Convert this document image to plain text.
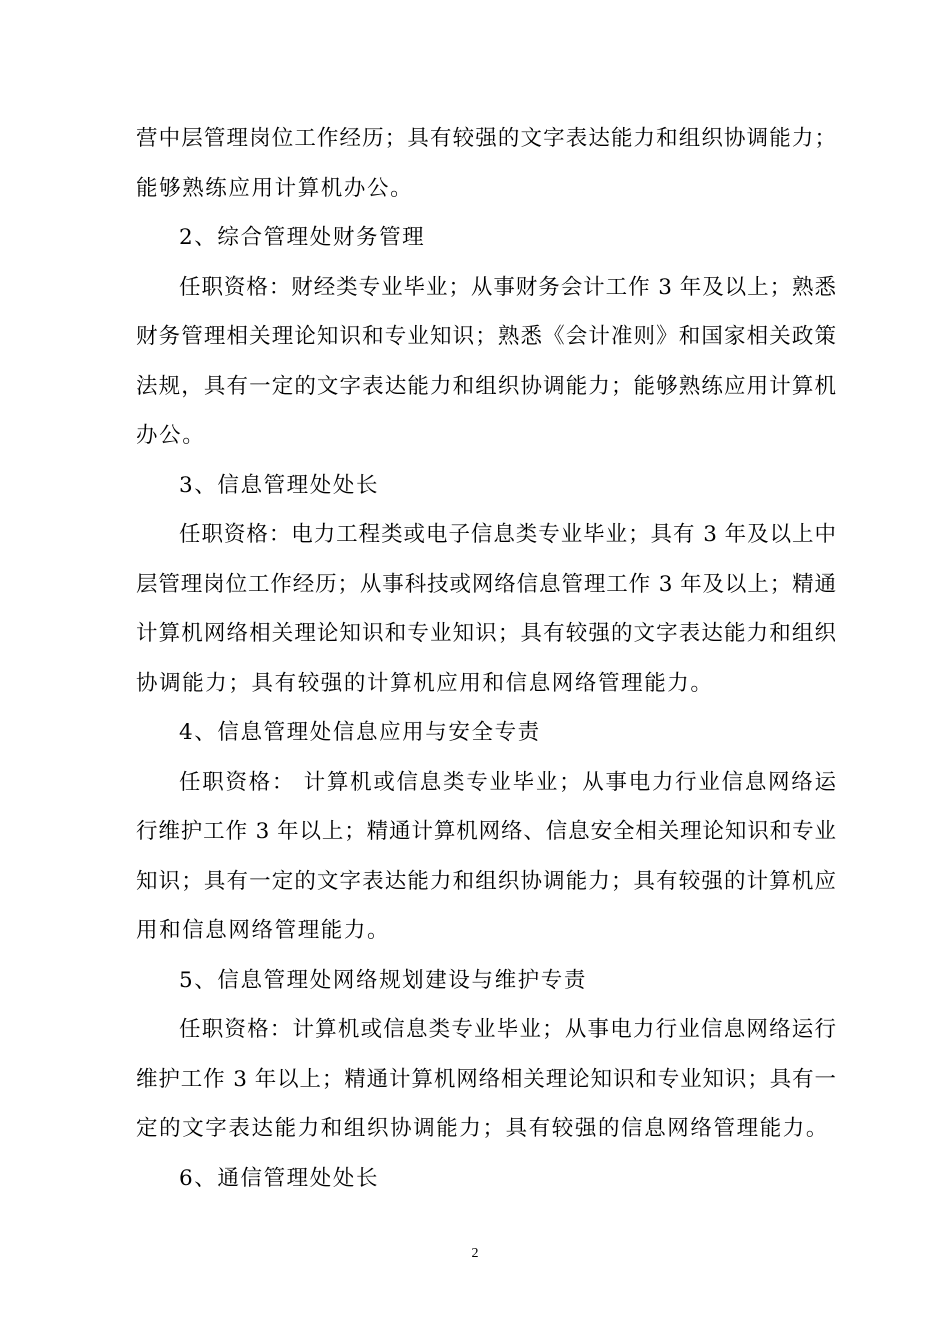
营中层管理岗位工作经历；具有较强的文字表达能力和组织协调能力；
能够熟练应用计算机办公。
2、综合管理处财务管理
任职资格：财经类专业毕业；从事财务会计工作 3 年及以上；熟悉
财务管理相关理论知识和专业知识；熟悉《会计准则》和国家相关政策
法规，具有一定的文字表达能力和组织协调能力；能够熟练应用计算机
办公。
3、信息管理处处长
任职资格：电力工程类或电子信息类专业毕业；具有 3 年及以上中
层管理岗位工作经历；从事科技或网络信息管理工作 3 年及以上；精通
计算机网络相关理论知识和专业知识；具有较强的文字表达能力和组织
协调能力；具有较强的计算机应用和信息网络管理能力。
4、信息管理处信息应用与安全专责
任职资格： 计算机或信息类专业毕业；从事电力行业信息网络运
行维护工作 3 年以上；精通计算机网络、信息安全相关理论知识和专业
知识；具有一定的文字表达能力和组织协调能力；具有较强的计算机应
用和信息网络管理能力。
5、信息管理处网络规划建设与维护专责
任职资格：计算机或信息类专业毕业；从事电力行业信息网络运行
维护工作 3 年以上；精通计算机网络相关理论知识和专业知识；具有一
定的文字表达能力和组织协调能力；具有较强的信息网络管理能力。
6、通信管理处处长
2
